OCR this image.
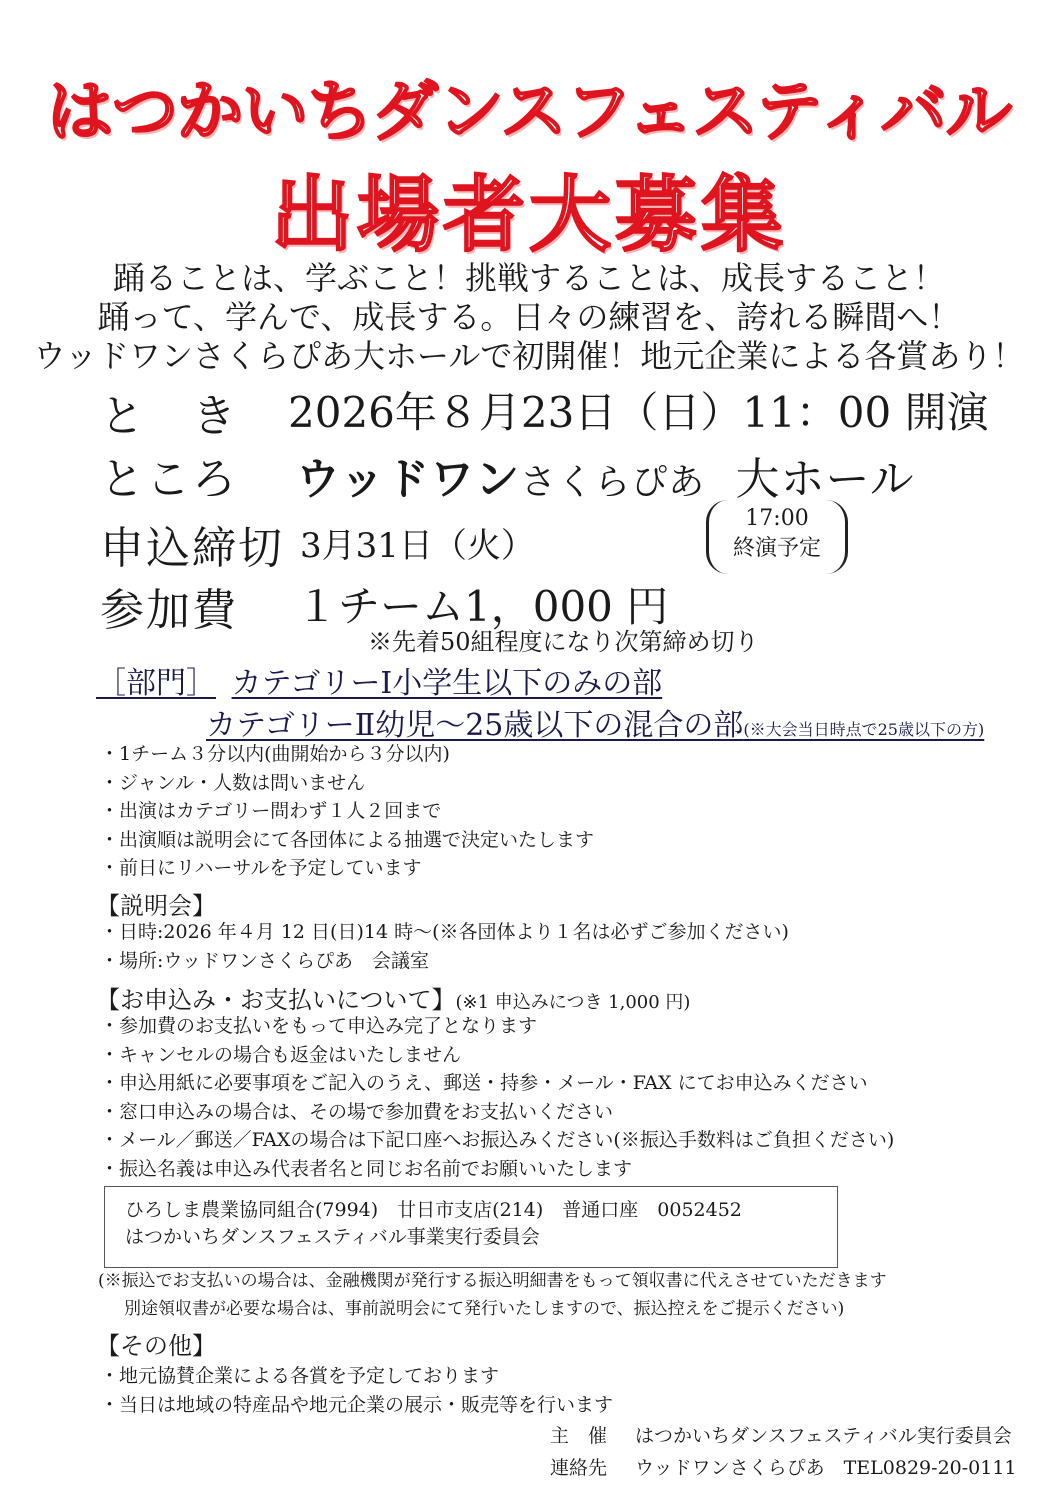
はつかいちダンスフェスティバル
出場者大募集
踊ることは、学ぶこと！挑戦することは、成長すること！
踊って、学んで、成長する。日々の練習を、誇れる瞬間へ！
ウッドワンさくらぴあ大ホールで初開催！地元企業による各賞あり！
と　き 2026年８月23日（日）11：00 開演
ところ ウッドワンさくらぴあ 大ホール
申込締切 3月31日（火）
17:00
終演予定
参加費 １チーム1，000 円
※先着50組程度になり次第締め切り
［部門］ カテゴリーⅠ小学生以下のみの部
カテゴリーⅡ幼児～25歳以下の混合の部(※大会当日時点で25歳以下の方)
・1チーム３分以内(曲開始から３分以内)
・ジャンル・人数は問いません
・出演はカテゴリー問わず１人２回まで
・出演順は説明会にて各団体による抽選で決定いたします
・前日にリハーサルを予定しています
【説明会】
・日時:2026 年４月 12 日(日)14 時～(※各団体より１名は必ずご参加ください)
・場所:ウッドワンさくらぴあ　会議室
【お申込み・お支払いについて】(※1 申込みにつき 1,000 円)
・参加費のお支払いをもって申込み完了となります
・キャンセルの場合も返金はいたしません
・申込用紙に必要事項をご記入のうえ、郵送・持参・メール・FAX にてお申込みください
・窓口申込みの場合は、その場で参加費をお支払いください
・メール／郵送／FAXの場合は下記口座へお振込みください(※振込手数料はご負担ください)
・振込名義は申込み代表者名と同じお名前でお願いいたします
ひろしま農業協同組合(7994)　廿日市支店(214)　普通口座　0052452
はつかいちダンスフェスティバル事業実行委員会
(※振込でお支払いの場合は、金融機関が発行する振込明細書をもって領収書に代えさせていただきます
別途領収書が必要な場合は、事前説明会にて発行いたしますので、振込控えをご提示ください)
【その他】
・地元協賛企業による各賞を予定しております
・当日は地域の特産品や地元企業の展示・販売等を行います
主　催 はつかいちダンスフェスティバル実行委員会
連絡先 ウッドワンさくらぴあ　TEL0829-20-0111
